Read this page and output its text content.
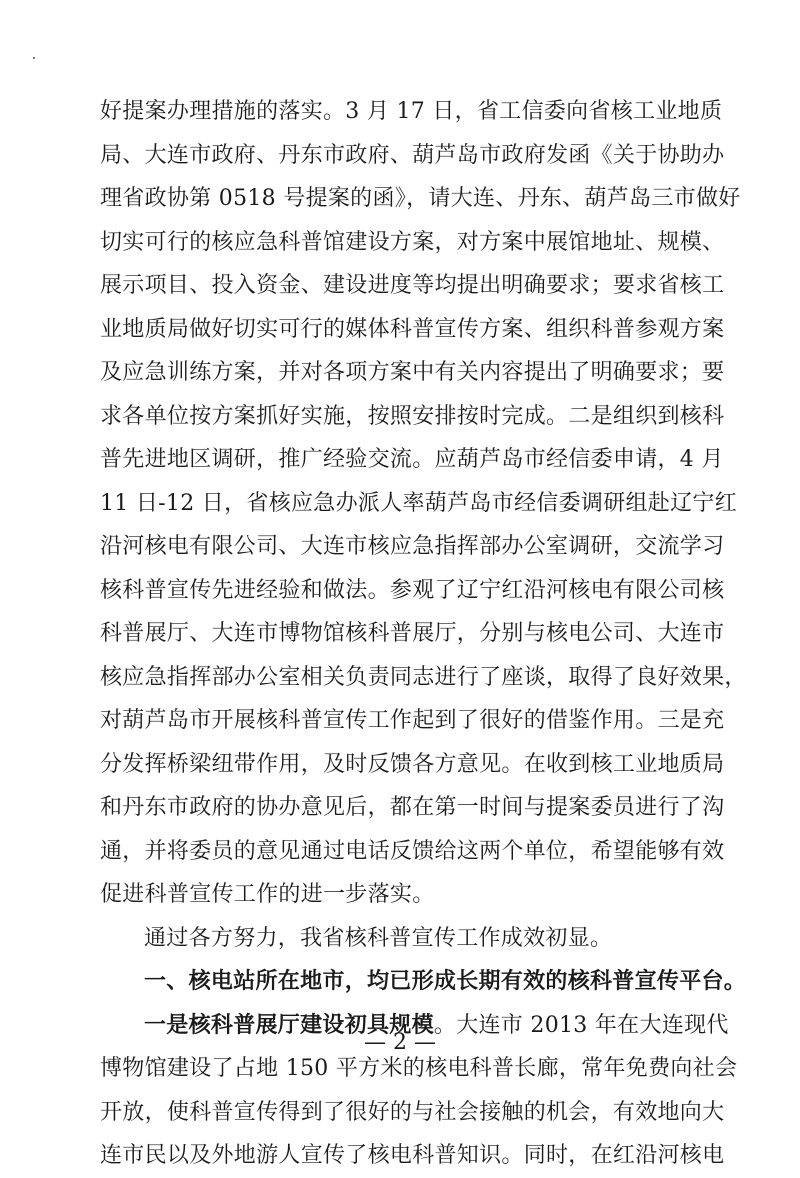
好提案办理措施的落实。3 月 17 日，省工信委向省核工业地质
局、大连市政府、丹东市政府、葫芦岛市政府发函《关于协助办
理省政协第 0518 号提案的函》，请大连、丹东、葫芦岛三市做好
切实可行的核应急科普馆建设方案，对方案中展馆地址、规模、
展示项目、投入资金、建设进度等均提出明确要求；要求省核工
业地质局做好切实可行的媒体科普宣传方案、组织科普参观方案
及应急训练方案，并对各项方案中有关内容提出了明确要求；要
求各单位按方案抓好实施，按照安排按时完成。二是组织到核科
普先进地区调研，推广经验交流。应葫芦岛市经信委申请，4 月
11 日-12 日，省核应急办派人率葫芦岛市经信委调研组赴辽宁红
沿河核电有限公司、大连市核应急指挥部办公室调研，交流学习
核科普宣传先进经验和做法。参观了辽宁红沿河核电有限公司核
科普展厅、大连市博物馆核科普展厅，分别与核电公司、大连市
核应急指挥部办公室相关负责同志进行了座谈，取得了良好效果，
对葫芦岛市开展核科普宣传工作起到了很好的借鉴作用。三是充
分发挥桥梁纽带作用，及时反馈各方意见。在收到核工业地质局
和丹东市政府的协办意见后，都在第一时间与提案委员进行了沟
通，并将委员的意见通过电话反馈给这两个单位，希望能够有效
促进科普宣传工作的进一步落实。
通过各方努力，我省核科普宣传工作成效初显。
一、核电站所在地市，均已形成长期有效的核科普宣传平台。
一是核科普展厅建设初具规模。大连市 2013 年在大连现代
博物馆建设了占地 150 平方米的核电科普长廊，常年免费向社会
开放，使科普宣传得到了很好的与社会接触的机会，有效地向大
连市民以及外地游人宣传了核电科普知识。同时，在红沿河核电
— 2 —
